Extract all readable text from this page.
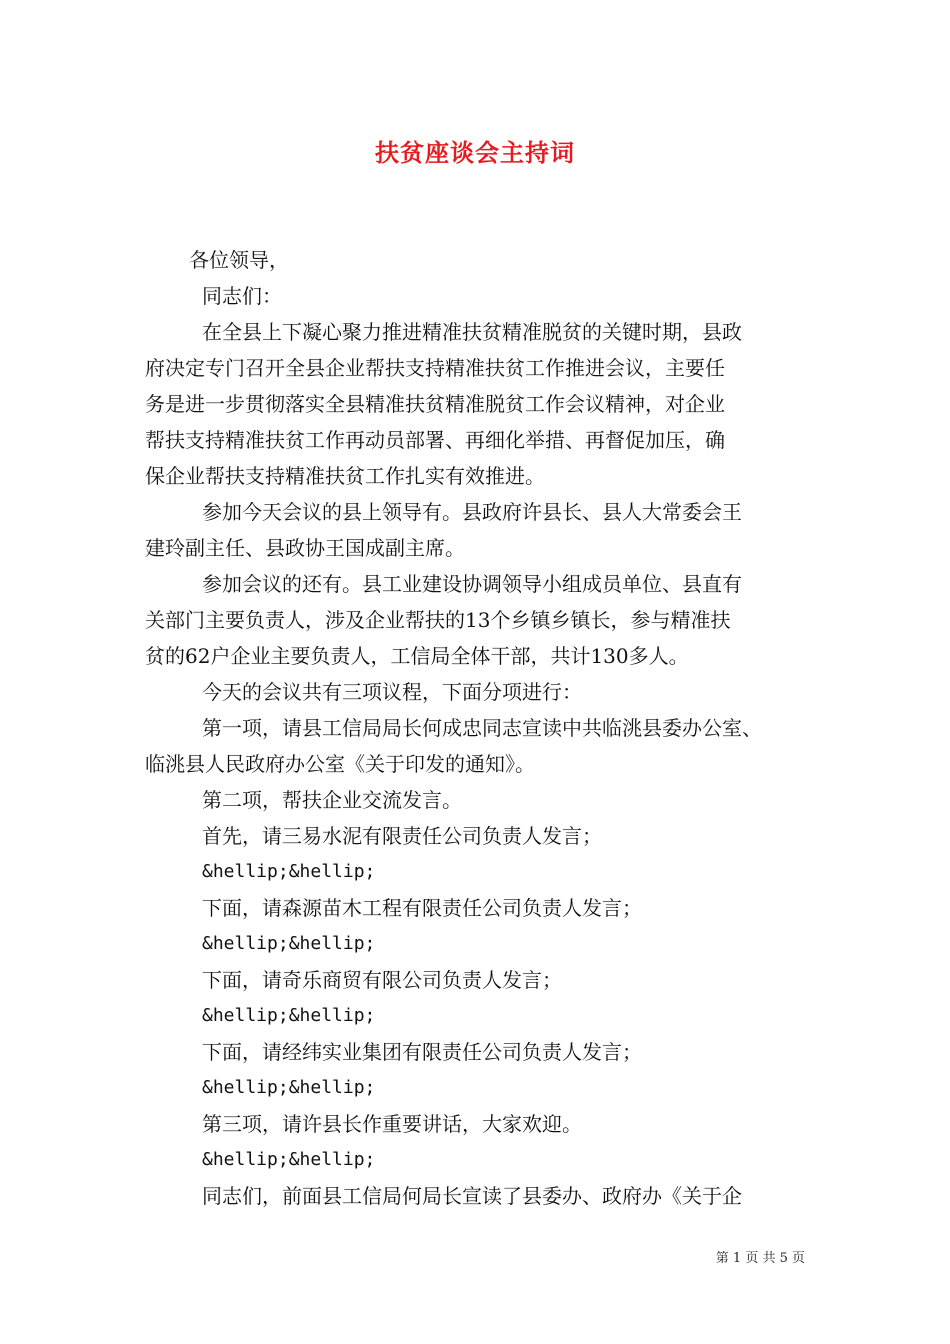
扶贫座谈会主持词
各位领导，
同志们：
在全县上下凝心聚力推进精准扶贫精准脱贫的关键时期，县政
府决定专门召开全县企业帮扶支持精准扶贫工作推进会议，主要任
务是进一步贯彻落实全县精准扶贫精准脱贫工作会议精神，对企业
帮扶支持精准扶贫工作再动员部署、再细化举措、再督促加压，确
保企业帮扶支持精准扶贫工作扎实有效推进。
参加今天会议的县上领导有。县政府许县长、县人大常委会王
建玲副主任、县政协王国成副主席。
参加会议的还有。县工业建设协调领导小组成员单位、县直有
关部门主要负责人，涉及企业帮扶的13个乡镇乡镇长，参与精准扶
贫的62户企业主要负责人，工信局全体干部，共计130多人。
今天的会议共有三项议程，下面分项进行：
第一项，请县工信局局长何成忠同志宣读中共临洮县委办公室、
临洮县人民政府办公室《关于印发的通知》。
第二项，帮扶企业交流发言。
首先，请三易水泥有限责任公司负责人发言；
&hellip;&hellip;
下面，请森源苗木工程有限责任公司负责人发言；
&hellip;&hellip;
下面，请奇乐商贸有限公司负责人发言；
&hellip;&hellip;
下面，请经纬实业集团有限责任公司负责人发言；
&hellip;&hellip;
第三项，请许县长作重要讲话，大家欢迎。
&hellip;&hellip;
同志们，前面县工信局何局长宣读了县委办、政府办《关于企
第 1 页 共 5 页
